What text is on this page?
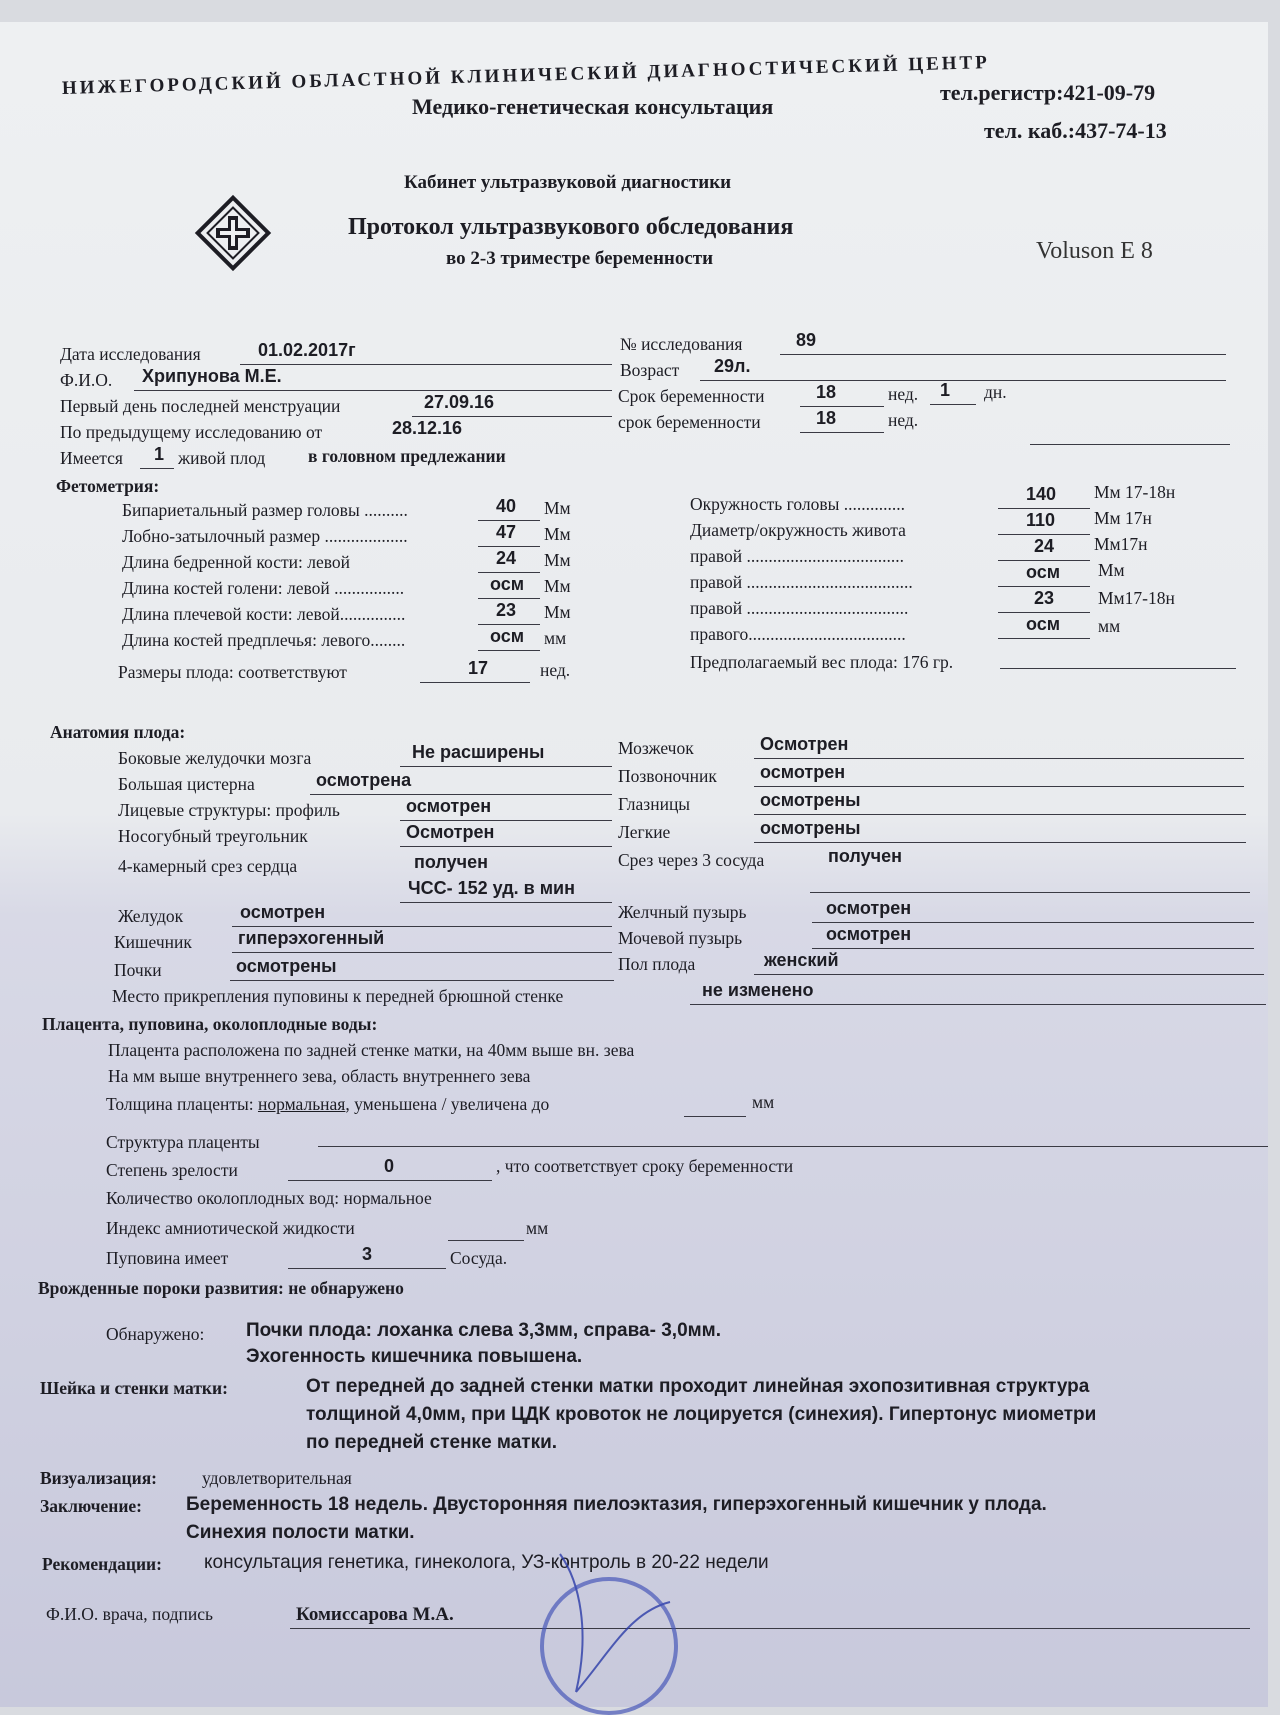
НИЖЕГОРОДСКИЙ ОБЛАСТНОЙ КЛИНИЧЕСКИЙ ДИАГНОСТИЧЕСКИЙ ЦЕНТР
Медико-генетическая консультация
тел.регистр:421-09-79
тел. каб.:437-74-13
Кабинет ультразвуковой диагностики
Протокол ультразвукового обследования
во 2-3 триместре беременности	Voluson E 8
Дата исследования	01.02.2017г	№ исследования	89
Ф.И.О. Хрипунова М.Е.	Возраст 29л.
Первый день последней менструации	27.09.16	Срок беременности	18	нед. 1 дн.
По предыдущему исследованию от	28.12.16	срок беременности	18	нед.
Имеется 1 живой плод в головном предлежании
Фетометрия:
Бипариетальный размер головы ..........	40 Мм
Лобно-затылочный размер ...................	47 Мм
Длина бедренной кости: левой	24 Мм
Длина костей голени: левой ................	осм Мм
Длина плечевой кости: левой...............	23 Мм
Длина костей предплечья: левого........	осм мм
Окружность головы ..............	140 Мм 17-18н
Диаметр/окружность живота	110 Мм 17н
правой ....................................	24 Мм17н
правой ......................................	осм Мм
правой .....................................	23	Мм17-18н
правого....................................	осм мм
Размеры плода: соответствуют	17	нед.	Предполагаемый вес плода: 176 гр.
Анатомия плода:
Боковые желудочки мозга	Не расширены
Большая цистерна	осмотрена
Лицевые структуры: профиль	осмотрен
Носогубный треугольник	Осмотрен
Мозжечок	Осмотрен
Позвоночник осмотрен
Глазницы	осмотрены
Легкие	осмотрены
4-камерный срез сердца	получен
ЧСС- 152 уд. в мин
Срез через 3 сосуда	получен
Желудок	осмотрен
Кишечник	гиперэхогенный
Почки	осмотрены
Желчный пузырь	осмотрен
Мочевой пузырь	осмотрен
Пол плода	женский
Место прикрепления пуповины к передней брюшной стенке	не изменено
Плацента, пуповина, околоплодные воды:
Плацента расположена по задней стенке матки, на 40мм выше вн. зева
На мм выше внутреннего зева, область внутреннего зева
Толщина плаценты: нормальная, уменьшена / увеличена до	мм
Структура плаценты
Степень зрелости	0	, что соответствует сроку беременности
Количество околоплодных вод: нормальное
Индекс амниотической жидкости	мм
Пуповина имеет	3	Сосуда.
Врожденные пороки развития: не обнаружено
Обнаружено: Почки плода: лоханка слева 3,3мм, справа- 3,0мм.
Эхогенность кишечника повышена.
Шейка и стенки матки:	От передней до задней стенки матки проходит линейная эхопозитивная структура
толщиной 4,0мм, при ЦДК кровоток не лоцируется (синехия). Гипертонус миометри
по передней стенке матки.
Визуализация:	удовлетворительная
Заключение: Беременность 18 недель. Двусторонняя пиелоэктазия, гиперэхогенный кишечник у плода.
Синехия полости матки.
Рекомендации: консультация генетика, гинеколога, УЗ-контроль в 20-22 недели
Ф.И.О. врача, подпись	Комиссарова М.А.
